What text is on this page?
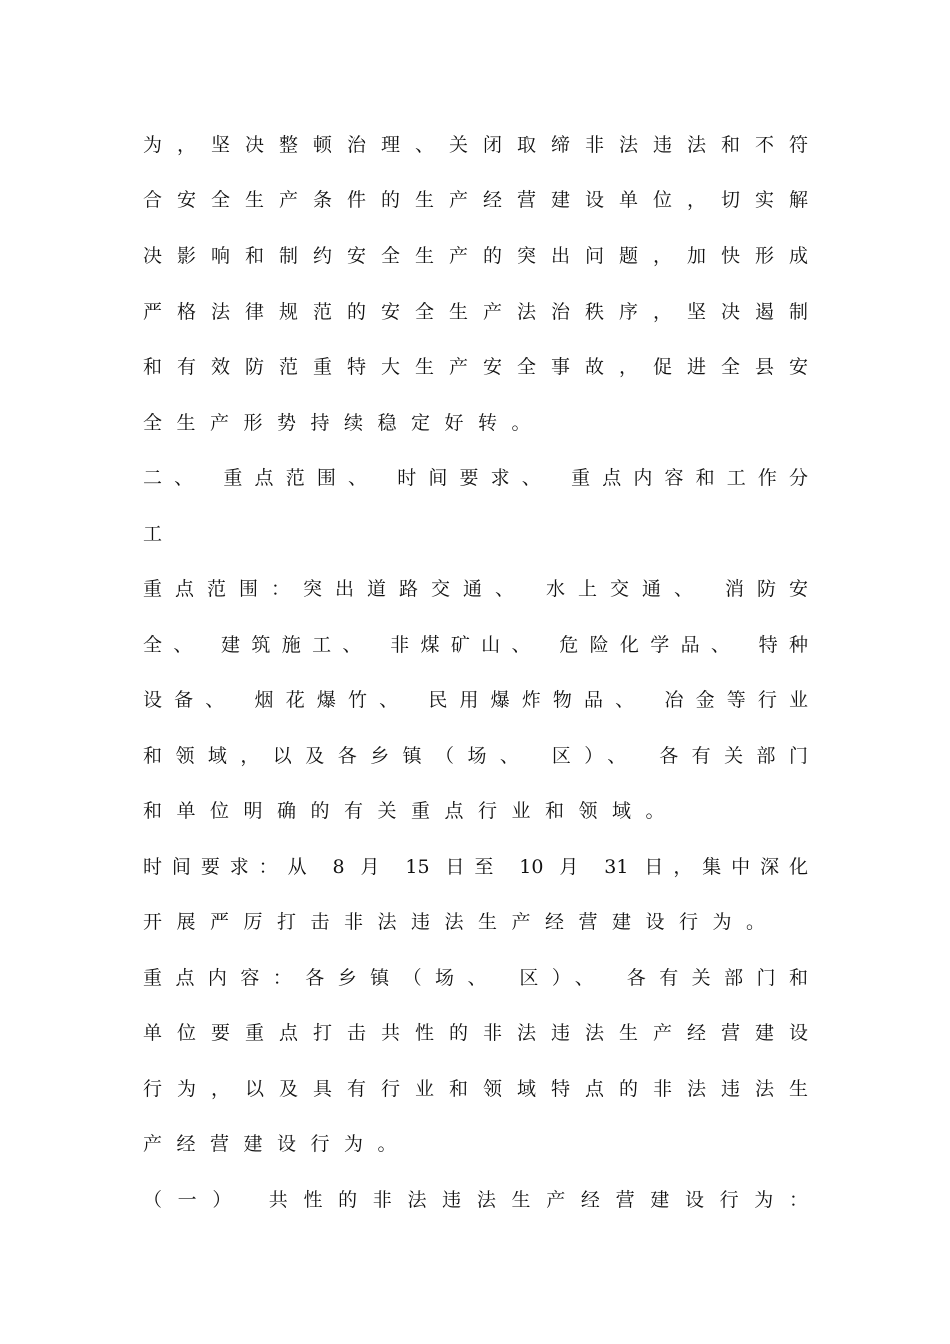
为，坚决整顿治理、关闭取缔非法违法和不符
合安全生产条件的生产经营建设单位，切实解
决影响和制约安全生产的突出问题，加快形成
严格法律规范的安全生产法治秩序，坚决遏制
和有效防范重特大生产安全事故，促进全县安
全生产形势持续稳定好转。
二、 重点范围、 时间要求、 重点内容和工作分
工
重点范围：突出道路交通、 水上交通、 消防安
全、 建筑施工、 非煤矿山、 危险化学品、 特种
设备、 烟花爆竹、 民用爆炸物品、 冶金等行业
和领域，以及各乡镇（场、 区）、 各有关部门
和单位明确的有关重点行业和领域。
时间要求：从 8 月 15 日至 10 月 31 日，集中深化
开展严厉打击非法违法生产经营建设行为。
重点内容：各乡镇（场、 区）、 各有关部门和
单位要重点打击共性的非法违法生产经营建设
行为，以及具有行业和领域特点的非法违法生
产经营建设行为。
（一） 共性的非法违法生产经营建设行为：
